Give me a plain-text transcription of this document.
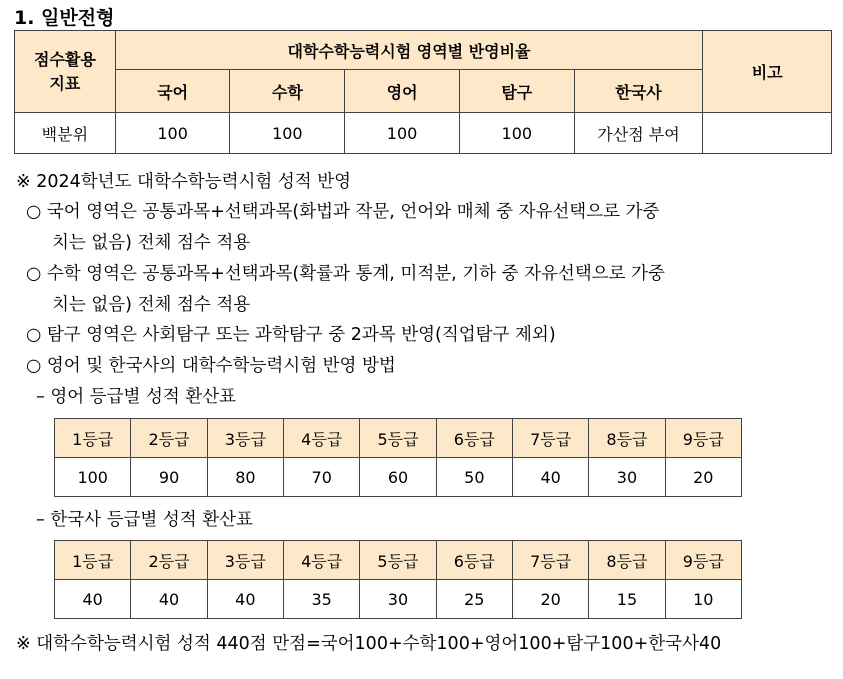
1. 일반전형
점수활용
지표	대학수학능력시험 영역별 반영비율					비고
	국어	수학	영어	탐구	한국사	
백분위	100	100	100	100	가산점 부여	
※ 2024학년도 대학수학능력시험 성적 반영
○ 국어 영역은 공통과목+선택과목(화법과 작문, 언어와 매체 중 자유선택으로 가중
치는 없음) 전체 점수 적용
○ 수학 영역은 공통과목+선택과목(확률과 통계, 미적분, 기하 중 자유선택으로 가중
치는 없음) 전체 점수 적용
○ 탐구 영역은 사회탐구 또는 과학탐구 중 2과목 반영(직업탐구 제외)
○ 영어 및 한국사의 대학수학능력시험 반영 방법
– 영어 등급별 성적 환산표
1등급	2등급	3등급	4등급	5등급	6등급	7등급	8등급	9등급
100	90	80	70	60	50	40	30	20
– 한국사 등급별 성적 환산표
1등급	2등급	3등급	4등급	5등급	6등급	7등급	8등급	9등급
40	40	40	35	30	25	20	15	10
※ 대학수학능력시험 성적 440점 만점=국어100+수학100+영어100+탐구100+한국사40
